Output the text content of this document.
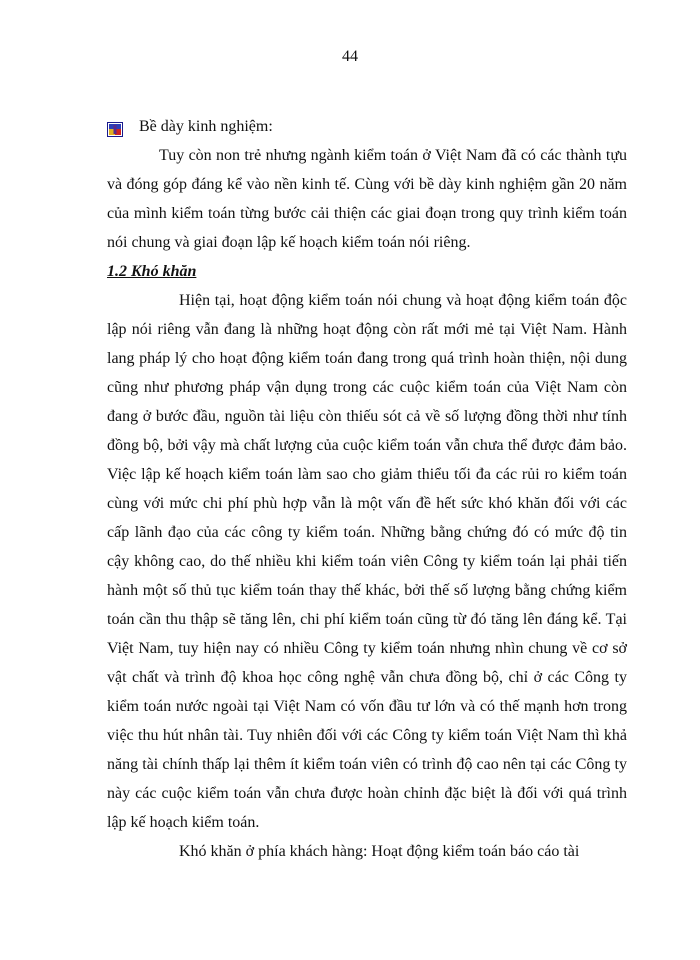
44
Bề dày kinh nghiệm:

Tuy còn non trẻ nhưng ngành kiểm toán ở Việt Nam đã có các thành tựu và đóng góp đáng kể vào nền kinh tế. Cùng với bề dày kinh nghiệm gần 20 năm của mình kiểm toán từng bước cải thiện các giai đoạn trong quy trình kiểm toán nói chung và giai đoạn lập kế hoạch kiểm toán nói riêng.

1.2 Khó khăn

Hiện tại, hoạt động kiểm toán nói chung và hoạt động kiểm toán độc lập nói riêng vẫn đang là những hoạt động còn rất mới mẻ tại Việt Nam. Hành lang pháp lý cho hoạt động kiểm toán đang trong quá trình hoàn thiện, nội dung cũng như phương pháp vận dụng trong các cuộc kiểm toán của Việt Nam còn đang ở bước đầu, nguồn tài liệu còn thiếu sót cả về số lượng đồng thời như tính đồng bộ, bởi vậy mà chất lượng của cuộc kiểm toán vẫn chưa thể được đảm bảo. Việc lập kế hoạch kiểm toán làm sao cho giảm thiểu tối đa các rủi ro kiểm toán cùng với mức chi phí phù hợp vẫn là một vấn đề hết sức khó khăn đối với các cấp lãnh đạo của các công ty kiểm toán. Những bằng chứng đó có mức độ tin cậy không cao, do thế nhiều khi kiểm toán viên Công ty kiểm toán lại phải tiến hành một số thủ tục kiểm toán thay thế khác, bởi thế số lượng bằng chứng kiểm toán cần thu thập sẽ tăng lên, chi phí kiểm toán cũng từ đó tăng lên đáng kể. Tại Việt Nam, tuy hiện nay có nhiều Công ty kiểm toán nhưng nhìn chung về cơ sở vật chất và trình độ khoa học công nghệ vẫn chưa đồng bộ, chỉ ở các Công ty kiểm toán nước ngoài tại Việt Nam có vốn đầu tư lớn và có thế mạnh hơn trong việc thu hút nhân tài. Tuy nhiên đối với các Công ty kiểm toán Việt Nam thì khả năng tài chính thấp lại thêm ít kiểm toán viên có trình độ cao nên tại các Công ty này các cuộc kiểm toán vẫn chưa được hoàn chỉnh đặc biệt là đối với quá trình lập kế hoạch kiểm toán.

Khó khăn ở phía khách hàng: Hoạt động kiểm toán báo cáo tài
